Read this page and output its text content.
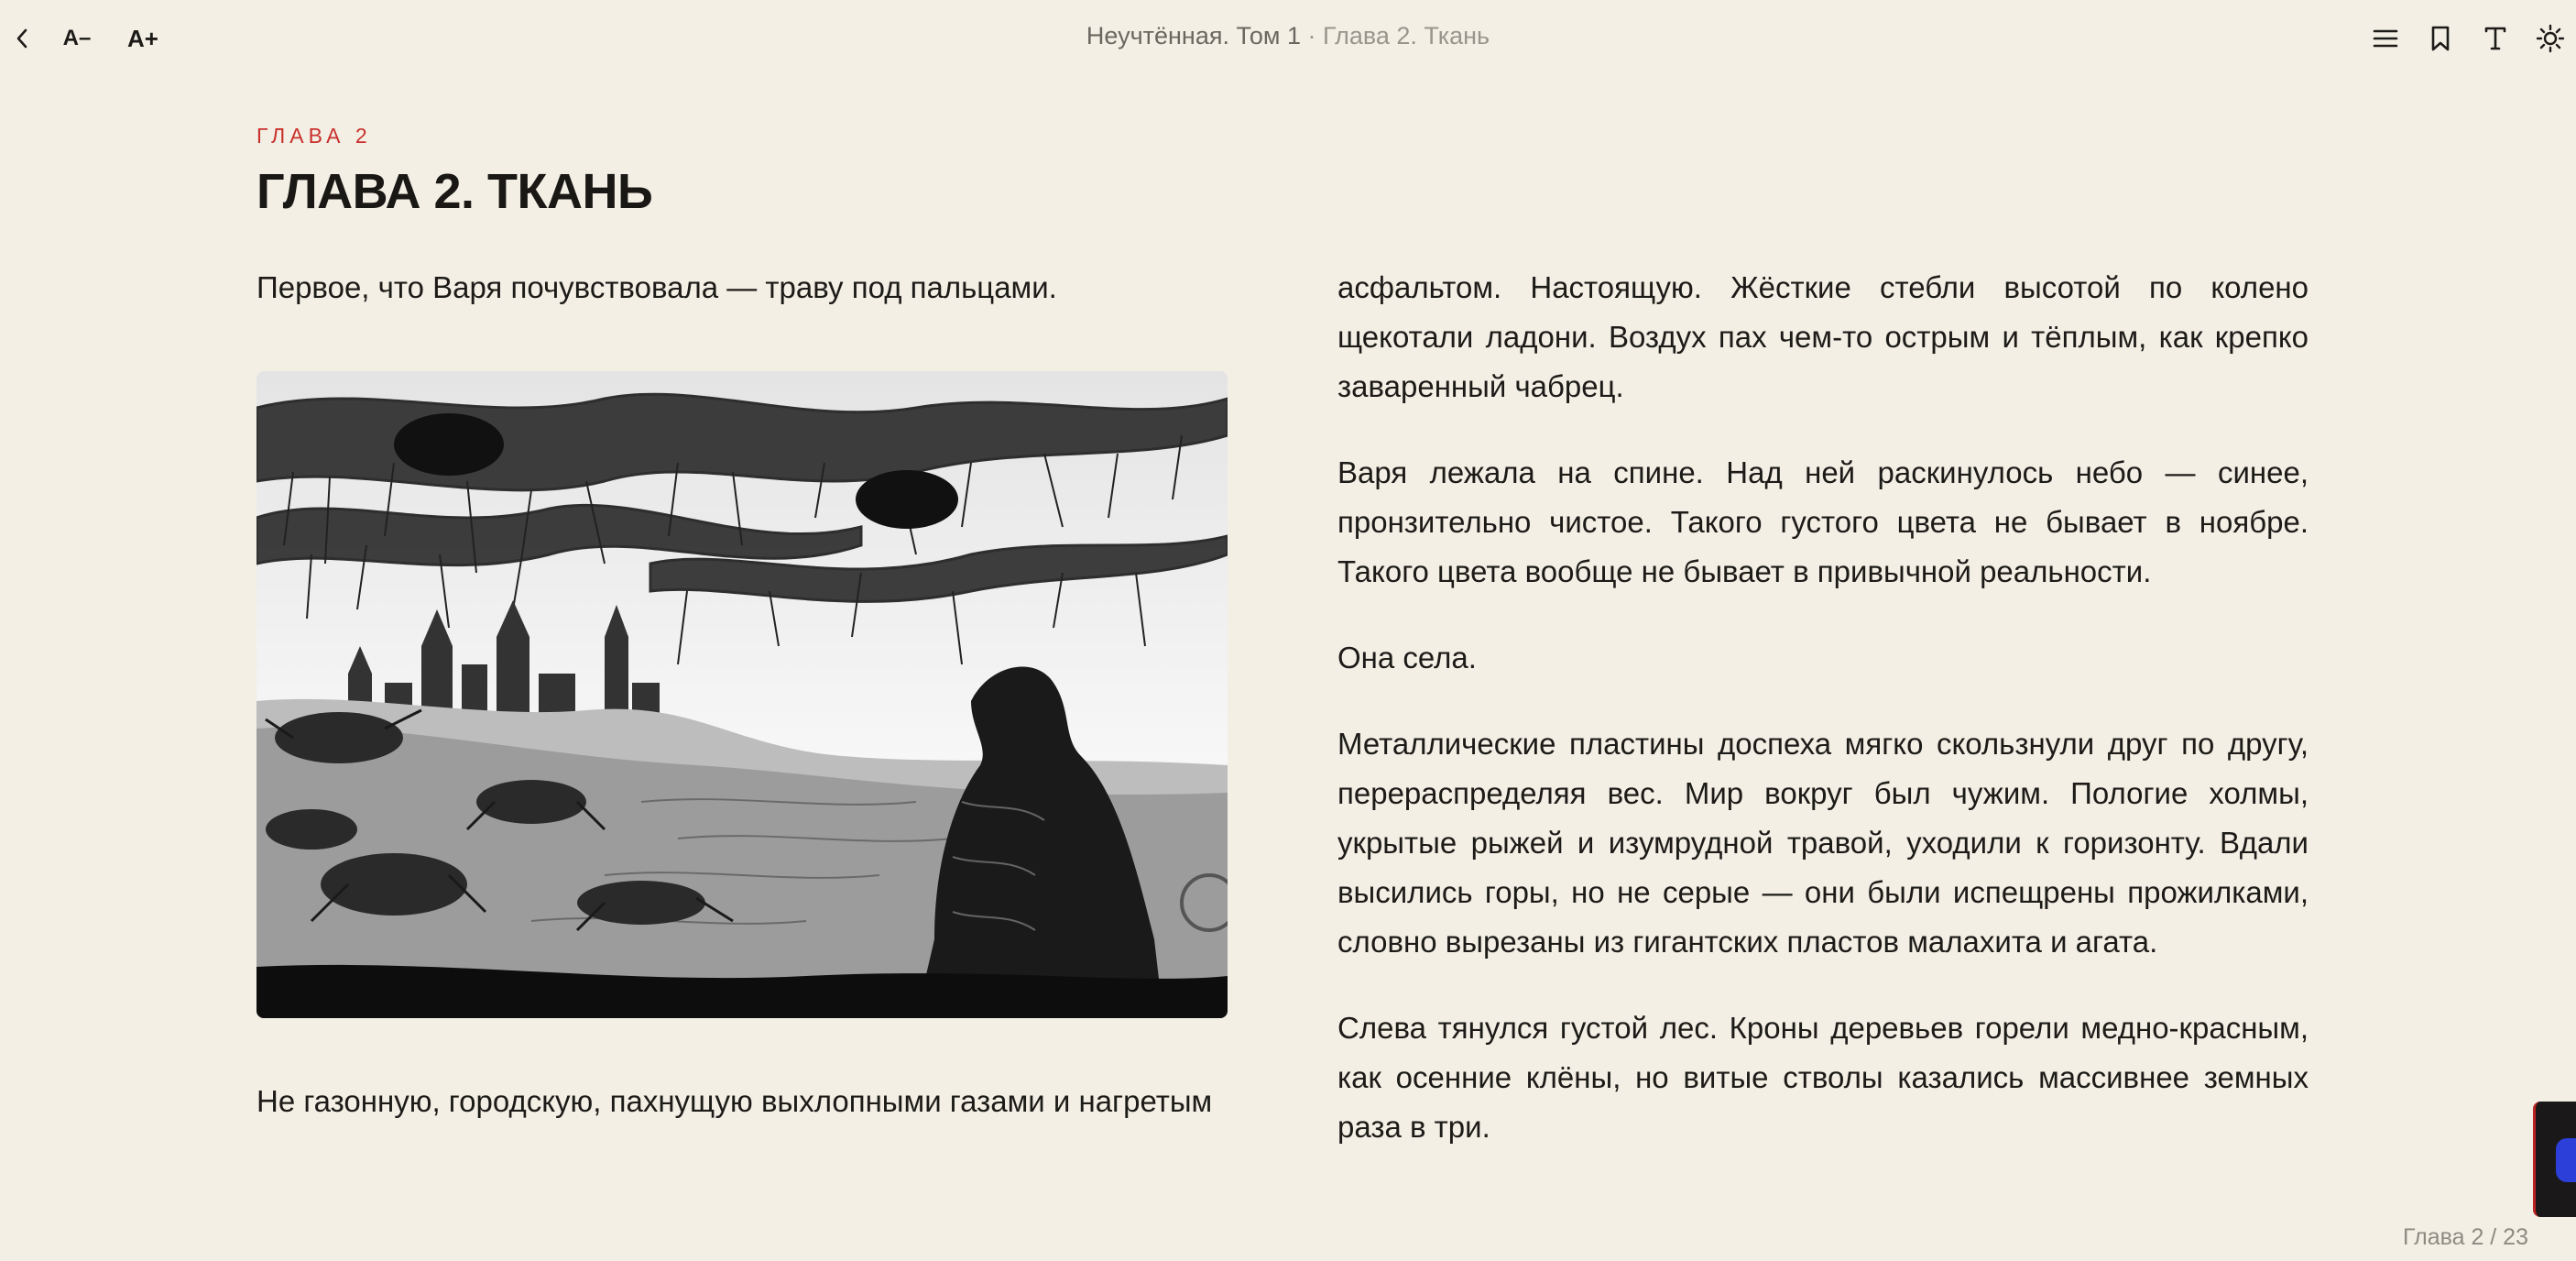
A– A+	Неучтённая. Том 1 · Глава 2. Ткань
ГЛАВА 2
ГЛАВА 2. ТКАНЬ

Первое, что Варя почувствовала — траву под пальцами.

Не газонную, городскую, пахнущую выхлопными газами и нагретым

асфальтом. Настоящую. Жёсткие стебли высотой по колено щекотали ладони. Воздух пах чем-то острым и тёплым, как крепко заваренный чабрец.

Варя лежала на спине. Над ней раскинулось небо — синее, пронзительно чистое. Такого густого цвета не бывает в ноябре. Такого цвета вообще не бывает в привычной реальности.

Она села.

Металлические пластины доспеха мягко скользнули друг по другу, перераспределяя вес. Мир вокруг был чужим. Пологие холмы, укрытые рыжей и изумрудной травой, уходили к горизонту. Вдали высились горы, но не серые — они были испещрены прожилками, словно вырезаны из гигантских пластов малахита и агата.

Слева тянулся густой лес. Кроны деревьев горели медно-красным, как осенние клёны, но витые стволы казались массивнее земных раза в три.

Глава 2 / 23
